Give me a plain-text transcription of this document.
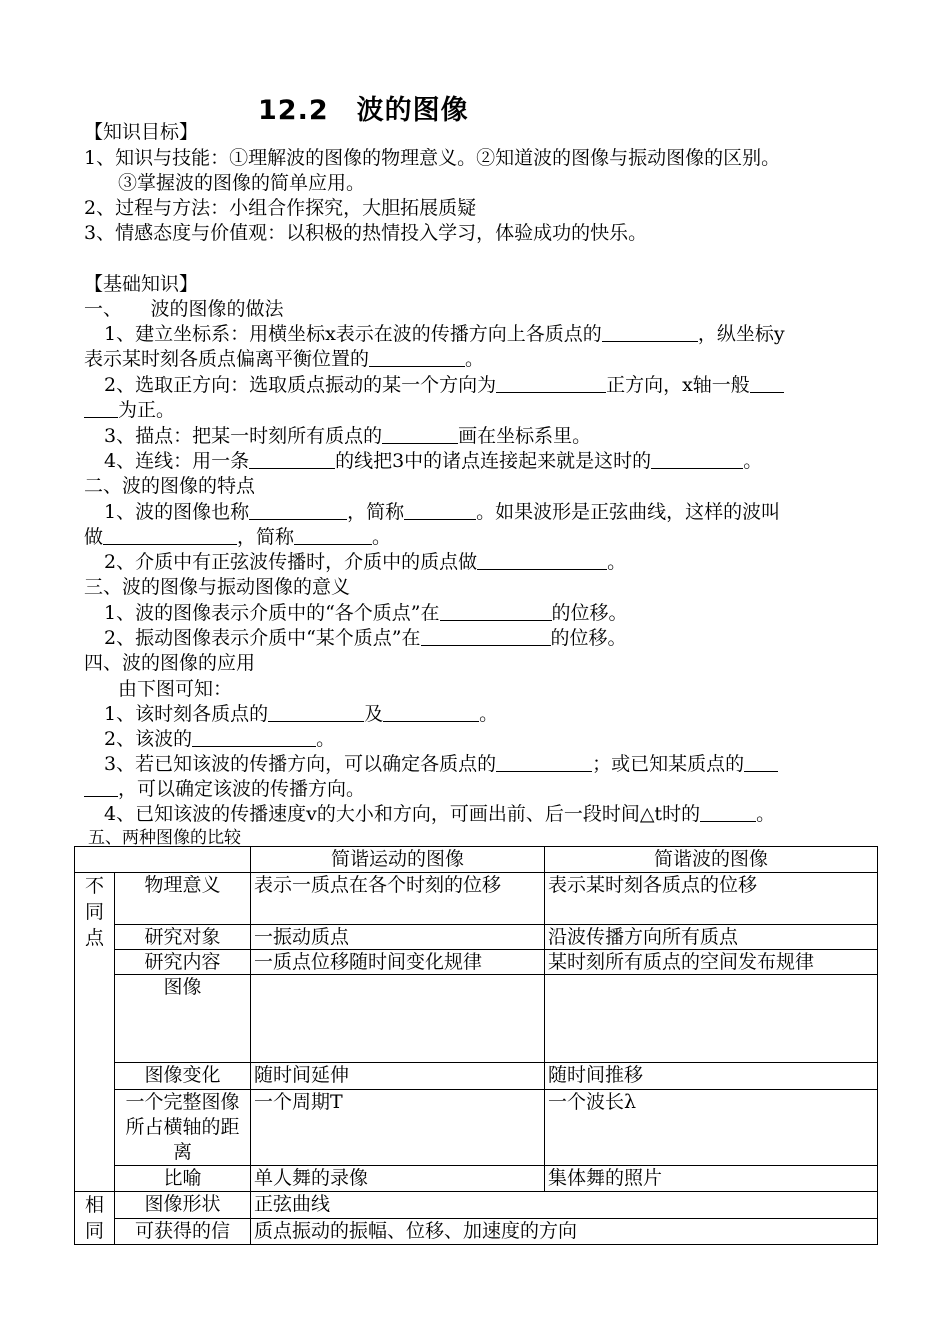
12.2　波的图像
【知识目标】
1、知识与技能：①理解波的图像的物理意义。②知道波的图像与振动图像的区别。
③掌握波的图像的简单应用。
2、过程与方法：小组合作探究，大胆拓展质疑
3、情感态度与价值观：以积极的热情投入学习，体验成功的快乐。
【基础知识】
一、　　波的图像的做法
1、建立坐标系：用横坐标x表示在波的传播方向上各质点的	，纵坐标y
表示某时刻各质点偏离平衡位置的	。
2、选取正方向：选取质点振动的某一个方向为	正方向，x轴一般
为正。
3、描点：把某一时刻所有质点的	画在坐标系里。
4、连线：用一条	的线把3中的诸点连接起来就是这时的	。
二、波的图像的特点
1、波的图像也称	，简称	。如果波形是正弦曲线，这样的波叫
做	，简称	。
2、介质中有正弦波传播时，介质中的质点做	。
三、波的图像与振动图像的意义
1、波的图像表示介质中的“各个质点”在	的位移。
2、振动图像表示介质中“某个质点”在	的位移。
四、波的图像的应用
由下图可知：
1、该时刻各质点的	及	。
2、该波的	。
3、若已知该波的传播方向，可以确定各质点的	；或已知某质点的
，可以确定该波的传播方向。
4、已知该波的传播速度v的大小和方向，可画出前、后一段时间△t时的	。
五、两种图像的比较
		简谐运动的图像	简谐波的图像
不同点	物理意义	表示一质点在各个时刻的位移	表示某时刻各质点的位移
	研究对象	一振动质点	沿波传播方向所有质点
	研究内容	一质点位移随时间变化规律	某时刻所有质点的空间发布规律
	图像		
	图像变化	随时间延伸	随时间推移
	一个完整图像所占横轴的距离	一个周期T	一个波长λ
	比喻	单人舞的录像	集体舞的照片
相同	图像形状	正弦曲线	
	可获得的信	质点振动的振幅、位移、加速度的方向	
